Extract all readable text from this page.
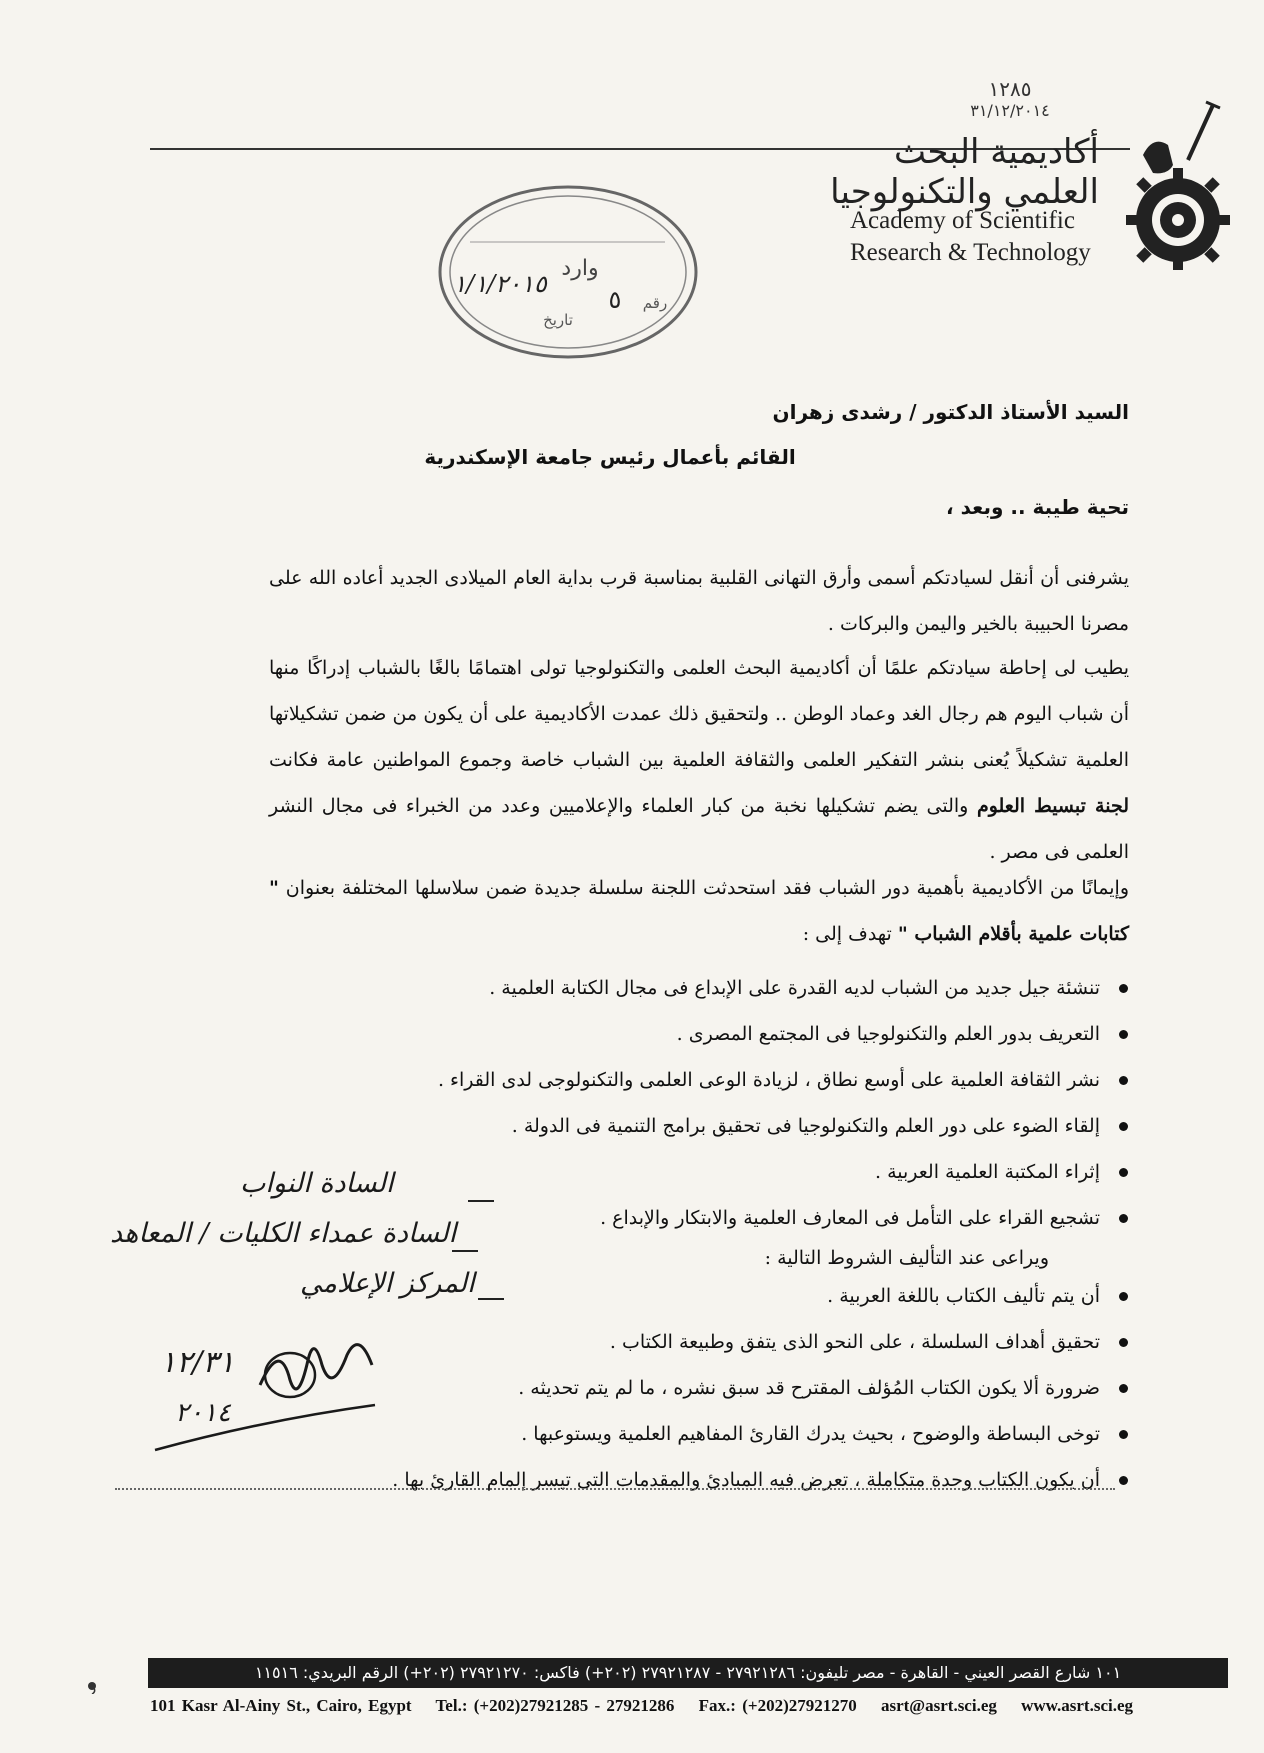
١٢٨٥
٣١/١٢/٢٠١٤
أكاديمية البحث
العلمي والتكنولوجيا
Academy of Scientific
Research & Technology
وارد
رقم
٥
تاريخ
١/١/٢٠١٥
السيد الأستاذ الدكتور / رشدى زهران
القائم بأعمال رئيس جامعة الإسكندرية
تحية طيبة .. وبعد ،
يشرفنى أن أنقل لسيادتكم أسمى وأرق التهانى القلبية بمناسبة قرب بداية العام الميلادى الجديد أعاده الله على مصرنا الحبيبة بالخير واليمن والبركات .
يطيب لى إحاطة سيادتكم علمًا أن أكاديمية البحث العلمى والتكنولوجيا تولى اهتمامًا بالغًا بالشباب إدراكًا منها أن شباب اليوم هم رجال الغد وعماد الوطن .. ولتحقيق ذلك عمدت الأكاديمية على أن يكون من ضمن تشكيلاتها العلمية تشكيلاً يُعنى بنشر التفكير العلمى والثقافة العلمية بين الشباب خاصة وجموع المواطنين عامة فكانت لجنة تبسيط العلوم والتى يضم تشكيلها نخبة من كبار العلماء والإعلاميين وعدد من الخبراء فى مجال النشر العلمى فى مصر .
وإيمانًا من الأكاديمية بأهمية دور الشباب فقد استحدثت اللجنة سلسلة جديدة ضمن سلاسلها المختلفة بعنوان " كتابات علمية بأقلام الشباب " تهدف إلى :
تنشئة جيل جديد من الشباب لديه القدرة على الإبداع فى مجال الكتابة العلمية .
التعريف بدور العلم والتكنولوجيا فى المجتمع المصرى .
نشر الثقافة العلمية على أوسع نطاق ، لزيادة الوعى العلمى والتكنولوجى لدى القراء .
إلقاء الضوء على دور العلم والتكنولوجيا فى تحقيق برامج التنمية فى الدولة .
إثراء المكتبة العلمية العربية .
تشجيع القراء على التأمل فى المعارف العلمية والابتكار والإبداع .
ويراعى عند التأليف الشروط التالية :
أن يتم تأليف الكتاب باللغة العربية .
تحقيق أهداف السلسلة ، على النحو الذى يتفق وطبيعة الكتاب .
ضرورة ألا يكون الكتاب المُؤلف المقترح قد سبق نشره ، ما لم يتم تحديثه .
توخى البساطة والوضوح ، بحيث يدرك القارئ المفاهيم العلمية ويستوعبها .
أن يكون الكتاب وحدة متكاملة ، تعرض فيه المبادئ والمقدمات التى تيسر إلمام القارئ بها .
السادة النواب
السادة عمداء الكليات / المعاهد
المركز الإعلامي
١٢/٣١
٢٠١٤
١٠١ شارع القصر العيني - القاهرة - مصر تليفون: ٢٧٩٢١٢٨٦ - ٢٧٩٢١٢٨٧ (٢٠٢+) فاكس: ٢٧٩٢١٢٧٠ (٢٠٢+) الرقم البريدي: ١١٥١٦
101 Kasr Al-Ainy St., Cairo, Egypt Tel.: (+202)27921285 - 27921286 Fax.: (+202)27921270 asrt@asrt.sci.eg www.asrt.sci.eg
